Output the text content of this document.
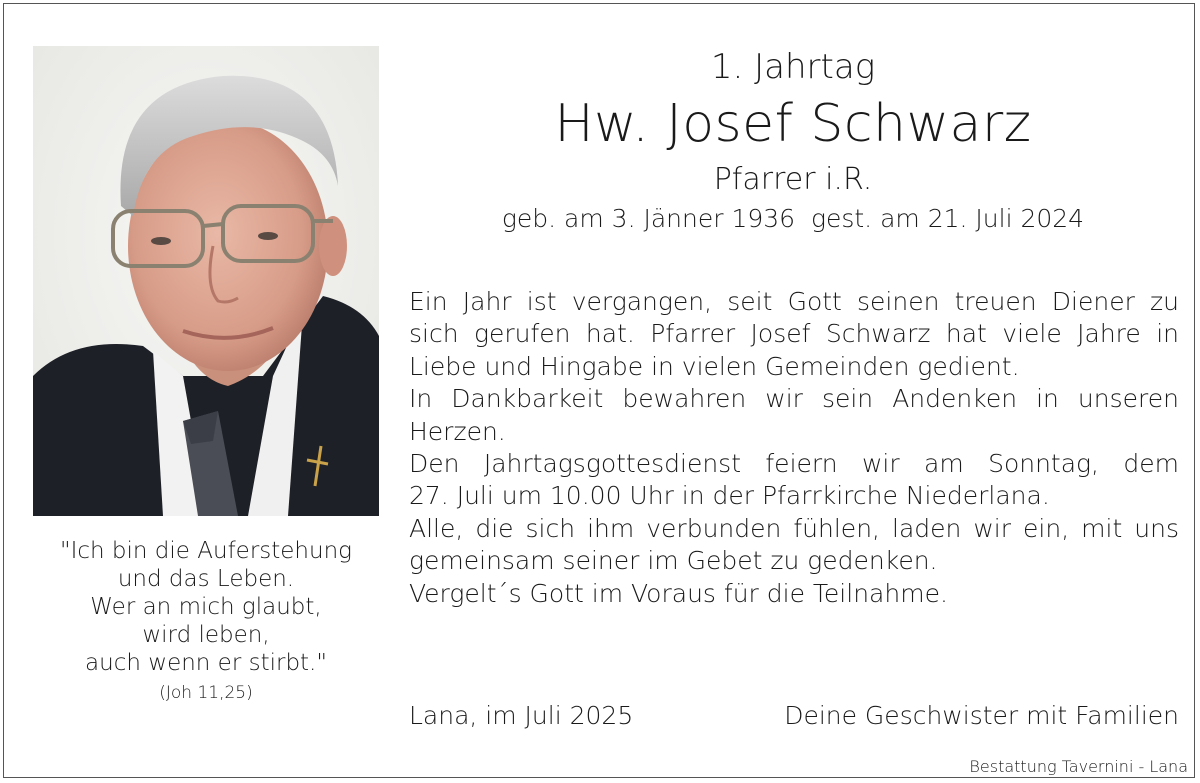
"Ich bin die Auferstehung
und das Leben.
Wer an mich glaubt,
wird leben,
auch wenn er stirbt."
(Joh 11,25)
1. Jahrtag
Hw. Josef Schwarz
Pfarrer i.R.
geb. am 3. Jänner 1936  gest. am 21. Juli 2024
Ein Jahr ist vergangen, seit Gott seinen treuen Diener zu
sich gerufen hat. Pfarrer Josef Schwarz hat viele Jahre in
Liebe und Hingabe in vielen Gemeinden gedient.
In Dankbarkeit bewahren wir sein Andenken in unseren
Herzen.
Den Jahrtagsgottesdienst feiern wir am Sonntag, dem
27. Juli um 10.00 Uhr in der Pfarrkirche Niederlana.
Alle, die sich ihm verbunden fühlen, laden wir ein, mit uns
gemeinsam seiner im Gebet zu gedenken.
Vergelt´s Gott im Voraus für die Teilnahme.
Lana, im Juli 2025	Deine Geschwister mit Familien
Bestattung Tavernini - Lana
